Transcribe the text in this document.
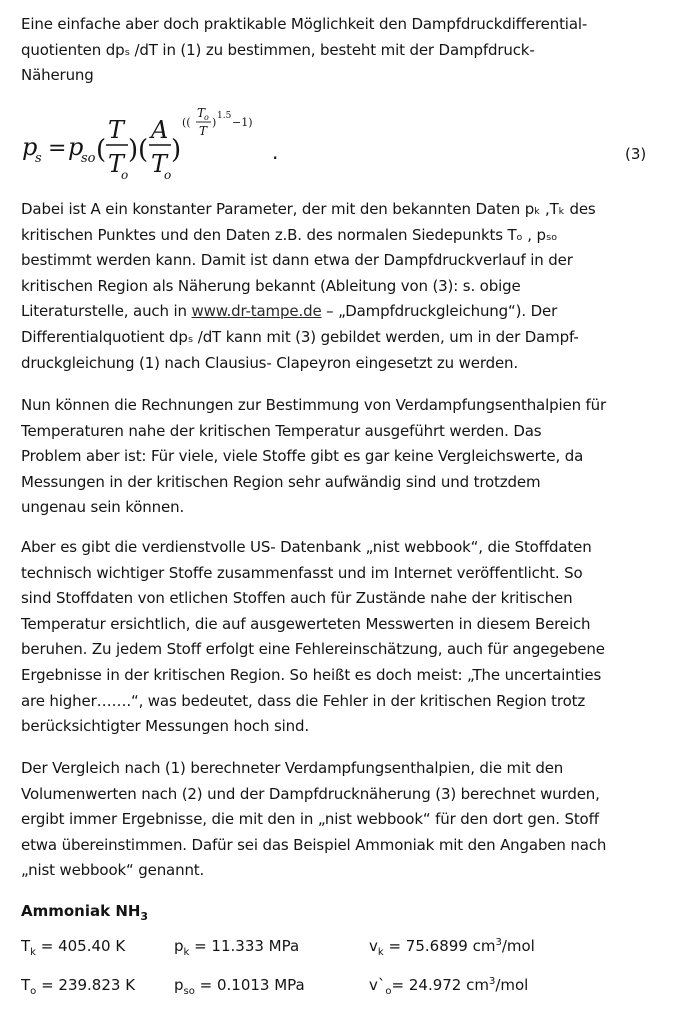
Eine einfache aber doch praktikable Möglichkeit den Dampfdruckdifferential-
quotienten dpₛ /dT in (1) zu bestimmen, besteht mit der Dampfdruck-
Näherung

p
s = p
so (
T
T
o
) (
A
T
o
)
((
T
o
T
) 1.5 −1)
.	(3)

Dabei ist A ein konstanter Parameter, der mit den bekannten Daten pₖ ,Tₖ des
kritischen Punktes und den Daten z.B. des normalen Siedepunkts Tₒ , pₛₒ
bestimmt werden kann. Damit ist dann etwa der Dampfdruckverlauf in der
kritischen Region als Näherung bekannt (Ableitung von (3): s. obige
Literaturstelle, auch in www.dr-tampe.de – „Dampfdruckgleichung“). Der
Differentialquotient dpₛ /dT kann mit (3) gebildet werden, um in der Dampf-
druckgleichung (1) nach Clausius- Clapeyron eingesetzt zu werden.

Nun können die Rechnungen zur Bestimmung von Verdampfungsenthalpien für
Temperaturen nahe der kritischen Temperatur ausgeführt werden. Das
Problem aber ist: Für viele, viele Stoffe gibt es gar keine Vergleichswerte, da
Messungen in der kritischen Region sehr aufwändig sind und trotzdem
ungenau sein können.

Aber es gibt die verdienstvolle US- Datenbank „nist webbook“, die Stoffdaten
technisch wichtiger Stoffe zusammenfasst und im Internet veröffentlicht. So
sind Stoffdaten von etlichen Stoffen auch für Zustände nahe der kritischen
Temperatur ersichtlich, die auf ausgewerteten Messwerten in diesem Bereich
beruhen. Zu jedem Stoff erfolgt eine Fehlereinschätzung, auch für angegebene
Ergebnisse in der kritischen Region. So heißt es doch meist: „The uncertainties
are higher…….“, was bedeutet, dass die Fehler in der kritischen Region trotz
berücksichtigter Messungen hoch sind.

Der Vergleich nach (1) berechneter Verdampfungsenthalpien, die mit den
Volumenwerten nach (2) und der Dampfdrucknäherung (3) berechnet wurden,
ergibt immer Ergebnisse, die mit den in „nist webbook“ für den dort gen. Stoff
etwa übereinstimmen. Dafür sei das Beispiel Ammoniak mit den Angaben nach
„nist webbook“ genannt.

Ammoniak $NH_3$
$T_k = 405.40$ K	$p_k = 11.333$ MPa	$v_k = 75.6899$ $cm^3$/mol
$T_o = 239.823$ K	$p_{so} = 0.1013$ MPa	$v`_o= 24.972$ $cm^3$/mol
